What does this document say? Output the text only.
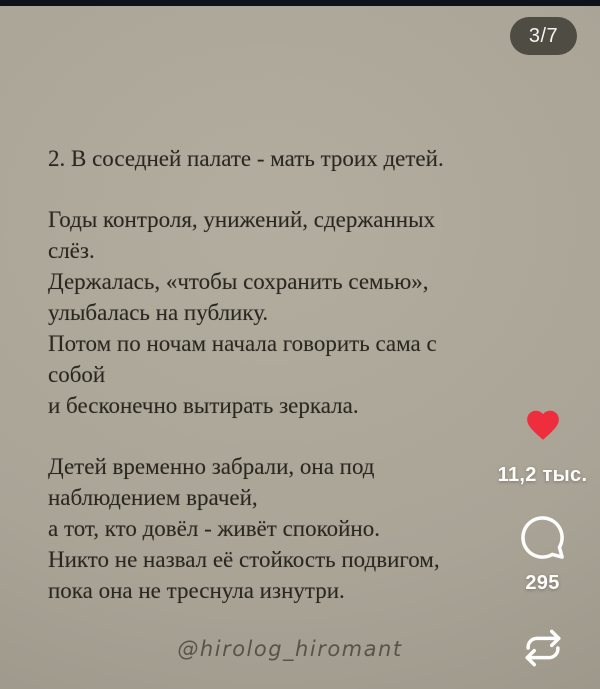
3/7
2. В соседней палате - мать троих детей.
Годы контроля, унижений, сдержанных
слёз.
Держалась, «чтобы сохранить семью»,
улыбалась на публику.
Потом по ночам начала говорить сама с
собой
и бесконечно вытирать зеркала.
Детей временно забрали, она под
наблюдением врачей,
а тот, кто довёл - живёт спокойно.
Никто не назвал её стойкость подвигом,
пока она не треснула изнутри.
11,2 тыс.
295
@hirolog_hiromant
